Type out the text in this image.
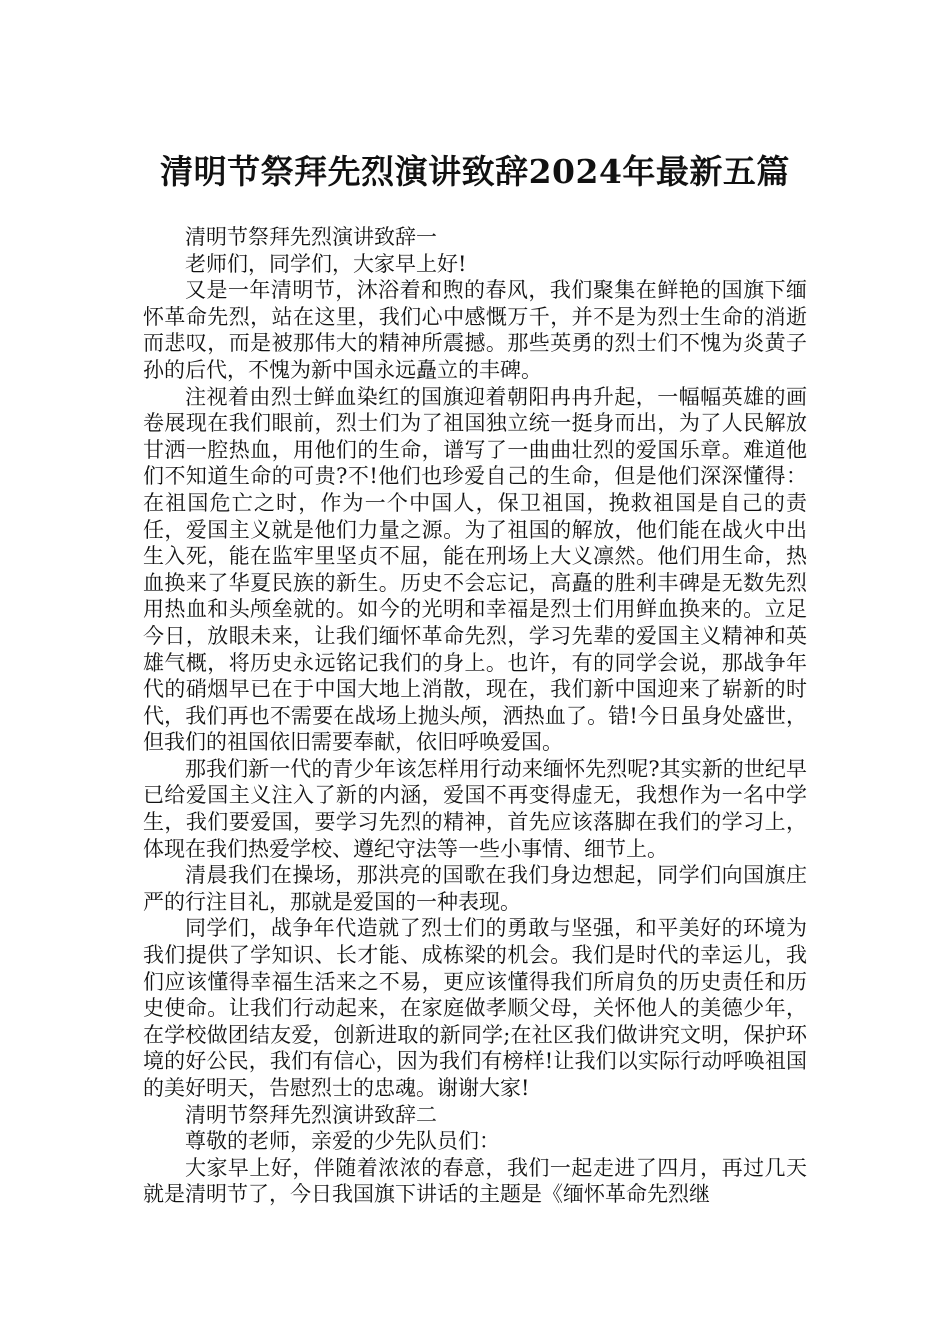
清明节祭拜先烈演讲致辞2024年最新五篇

清明节祭拜先烈演讲致辞一

老师们，同学们，大家早上好!

又是一年清明节，沐浴着和煦的春风，我们聚集在鲜艳的国旗下缅怀革命先烈，站在这里，我们心中感慨万千，并不是为烈士生命的消逝而悲叹，而是被那伟大的精神所震撼。那些英勇的烈士们不愧为炎黄子孙的后代，不愧为新中国永远矗立的丰碑。

注视着由烈士鲜血染红的国旗迎着朝阳冉冉升起，一幅幅英雄的画卷展现在我们眼前，烈士们为了祖国独立统一挺身而出，为了人民解放甘洒一腔热血，用他们的生命，谱写了一曲曲壮烈的爱国乐章。难道他们不知道生命的可贵?不!他们也珍爱自己的生命，但是他们深深懂得：在祖国危亡之时，作为一个中国人，保卫祖国，挽救祖国是自己的责任，爱国主义就是他们力量之源。为了祖国的解放，他们能在战火中出生入死，能在监牢里坚贞不屈，能在刑场上大义凛然。他们用生命，热血换来了华夏民族的新生。历史不会忘记，高矗的胜利丰碑是无数先烈用热血和头颅垒就的。如今的光明和幸福是烈士们用鲜血换来的。立足今日，放眼未来，让我们缅怀革命先烈，学习先辈的爱国主义精神和英雄气概，将历史永远铭记我们的身上。也许，有的同学会说，那战争年代的硝烟早已在于中国大地上消散，现在，我们新中国迎来了崭新的时代，我们再也不需要在战场上抛头颅，洒热血了。错!今日虽身处盛世，但我们的祖国依旧需要奉献，依旧呼唤爱国。

那我们新一代的青少年该怎样用行动来缅怀先烈呢?其实新的世纪早已给爱国主义注入了新的内涵，爱国不再变得虚无，我想作为一名中学生，我们要爱国，要学习先烈的精神，首先应该落脚在我们的学习上，体现在我们热爱学校、遵纪守法等一些小事情、细节上。

清晨我们在操场，那洪亮的国歌在我们身边想起，同学们向国旗庄严的行注目礼，那就是爱国的一种表现。

同学们，战争年代造就了烈士们的勇敢与坚强，和平美好的环境为我们提供了学知识、长才能、成栋梁的机会。我们是时代的幸运儿，我们应该懂得幸福生活来之不易，更应该懂得我们所肩负的历史责任和历史使命。让我们行动起来，在家庭做孝顺父母，关怀他人的美德少年，在学校做团结友爱，创新进取的新同学;在社区我们做讲究文明，保护环境的好公民，我们有信心，因为我们有榜样!让我们以实际行动呼唤祖国的美好明天，告慰烈士的忠魂。谢谢大家!

清明节祭拜先烈演讲致辞二

尊敬的老师，亲爱的少先队员们：

大家早上好，伴随着浓浓的春意，我们一起走进了四月，再过几天就是清明节了，今日我国旗下讲话的主题是《缅怀革命先烈继
